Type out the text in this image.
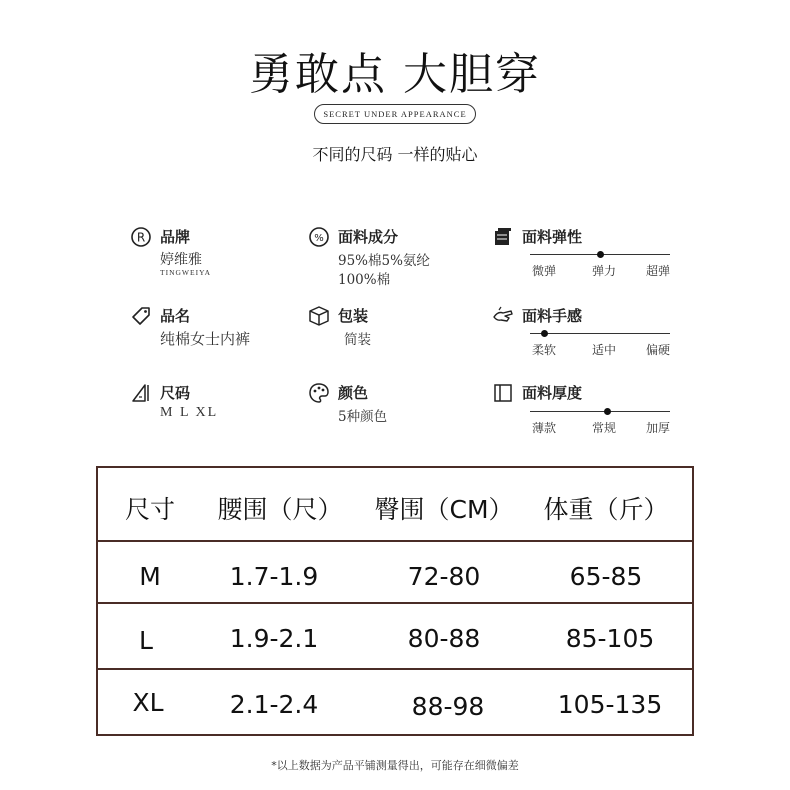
勇敢点 大胆穿
SECRET UNDER APPEARANCE
不同的尺码 一样的贴心
R 品牌
婷维雅
TINGWEIYA
% 面料成分
95%棉5%氨纶
100%棉
面料弹性
微弹	弹力 超弹
品名
纯棉女士内裤
包装
简装
面料手感
柔软	适中 偏硬
尺码
M L XL
颜色
5种颜色
面料厚度
薄款	常规 加厚
尺寸 腰围（尺） 臀围（CM） 体重（斤）
M	1.7-1.9	72-80	65-85
L	1.9-2.1	80-88	85-105
XL	2.1-2.4	88-98	105-135
*以上数据为产品平铺测量得出，可能存在细微偏差
